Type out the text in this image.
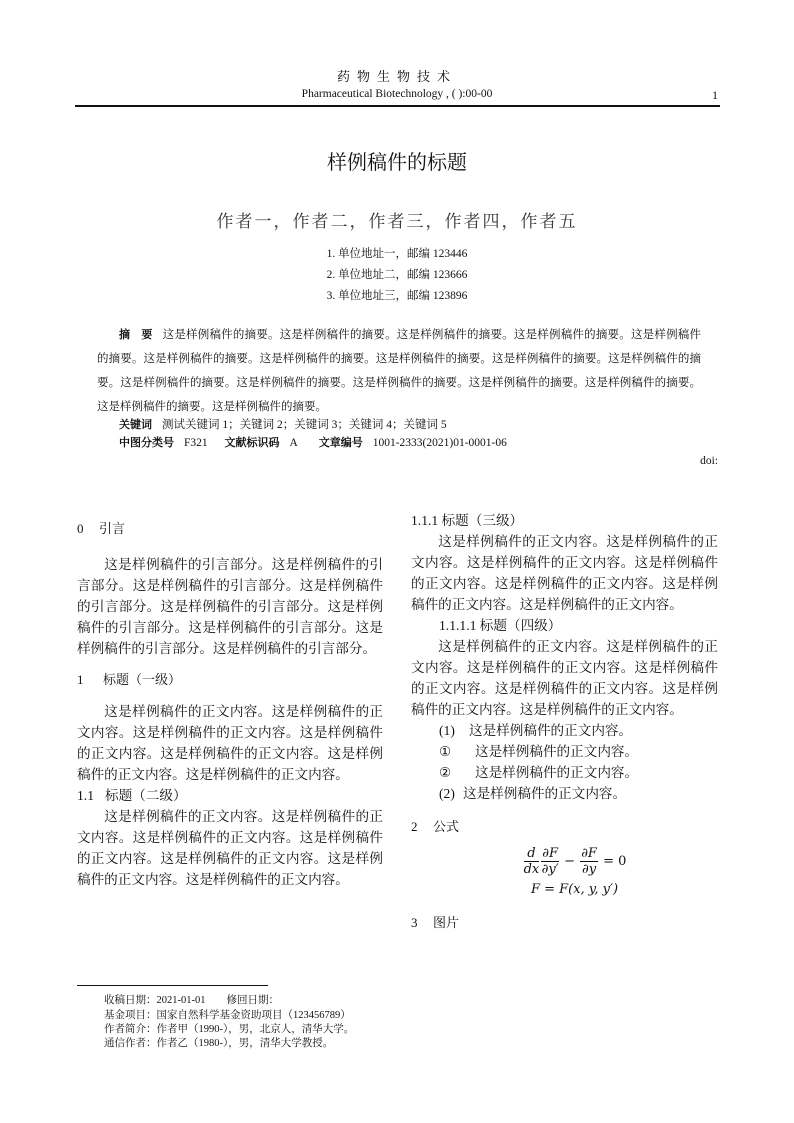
药物生物技术
Pharmaceutical Biotechnology , ( ):00-00	1
样例稿件的标题
作者一，作者二，作者三，作者四，作者五
1. 单位地址一，邮编 123446
2. 单位地址二，邮编 123666
3. 单位地址三，邮编 123896
摘　要 这是样例稿件的摘要。这是样例稿件的摘要。这是样例稿件的摘要。这是样例稿件的摘要。这是样例稿件的摘要。这是样例稿件的摘要。这是样例稿件的摘要。这是样例稿件的摘要。这是样例稿件的摘要。这是样例稿件的摘要。这是样例稿件的摘要。这是样例稿件的摘要。这是样例稿件的摘要。这是样例稿件的摘要。这是样例稿件的摘要。这是样例稿件的摘要。这是样例稿件的摘要。
关键词 测试关键词 1；关键词 2；关键词 3；关键词 4；关键词 5
中图分类号 F321 文献标识码 A 文章编号 1001-2333(2021)01-0001-06
doi:
0 引言

这是样例稿件的引言部分。这是样例稿件的引言部分。这是样例稿件的引言部分。这是样例稿件的引言部分。这是样例稿件的引言部分。这是样例稿件的引言部分。这是样例稿件的引言部分。这是样例稿件的引言部分。这是样例稿件的引言部分。

1 标题（一级）

这是样例稿件的正文内容。这是样例稿件的正文内容。这是样例稿件的正文内容。这是样例稿件的正文内容。这是样例稿件的正文内容。这是样例稿件的正文内容。这是样例稿件的正文内容。

1.1 标题（二级）

这是样例稿件的正文内容。这是样例稿件的正文内容。这是样例稿件的正文内容。这是样例稿件的正文内容。这是样例稿件的正文内容。这是样例稿件的正文内容。这是样例稿件的正文内容。

1.1.1 标题（三级）

这是样例稿件的正文内容。这是样例稿件的正文内容。这是样例稿件的正文内容。这是样例稿件的正文内容。这是样例稿件的正文内容。这是样例稿件的正文内容。这是样例稿件的正文内容。

1.1.1.1 标题（四级）

这是样例稿件的正文内容。这是样例稿件的正文内容。这是样例稿件的正文内容。这是样例稿件的正文内容。这是样例稿件的正文内容。这是样例稿件的正文内容。这是样例稿件的正文内容。

(1) 这是样例稿件的正文内容。
① 这是样例稿件的正文内容。
② 这是样例稿件的正文内容。
(2) 这是样例稿件的正文内容。
2 公式
$\frac{d}{dx} \frac{\partial F}{\partial y'} - \frac{\partial F}{\partial y} = 0$
F = F(x, y, y′)
3 图片
收稿日期：2021-01-01　　修回日期：
基金项目：国家自然科学基金资助项目（123456789）
作者简介：作者甲（1990-），男，北京人，清华大学。
通信作者：作者乙（1980-），男，清华大学教授。
